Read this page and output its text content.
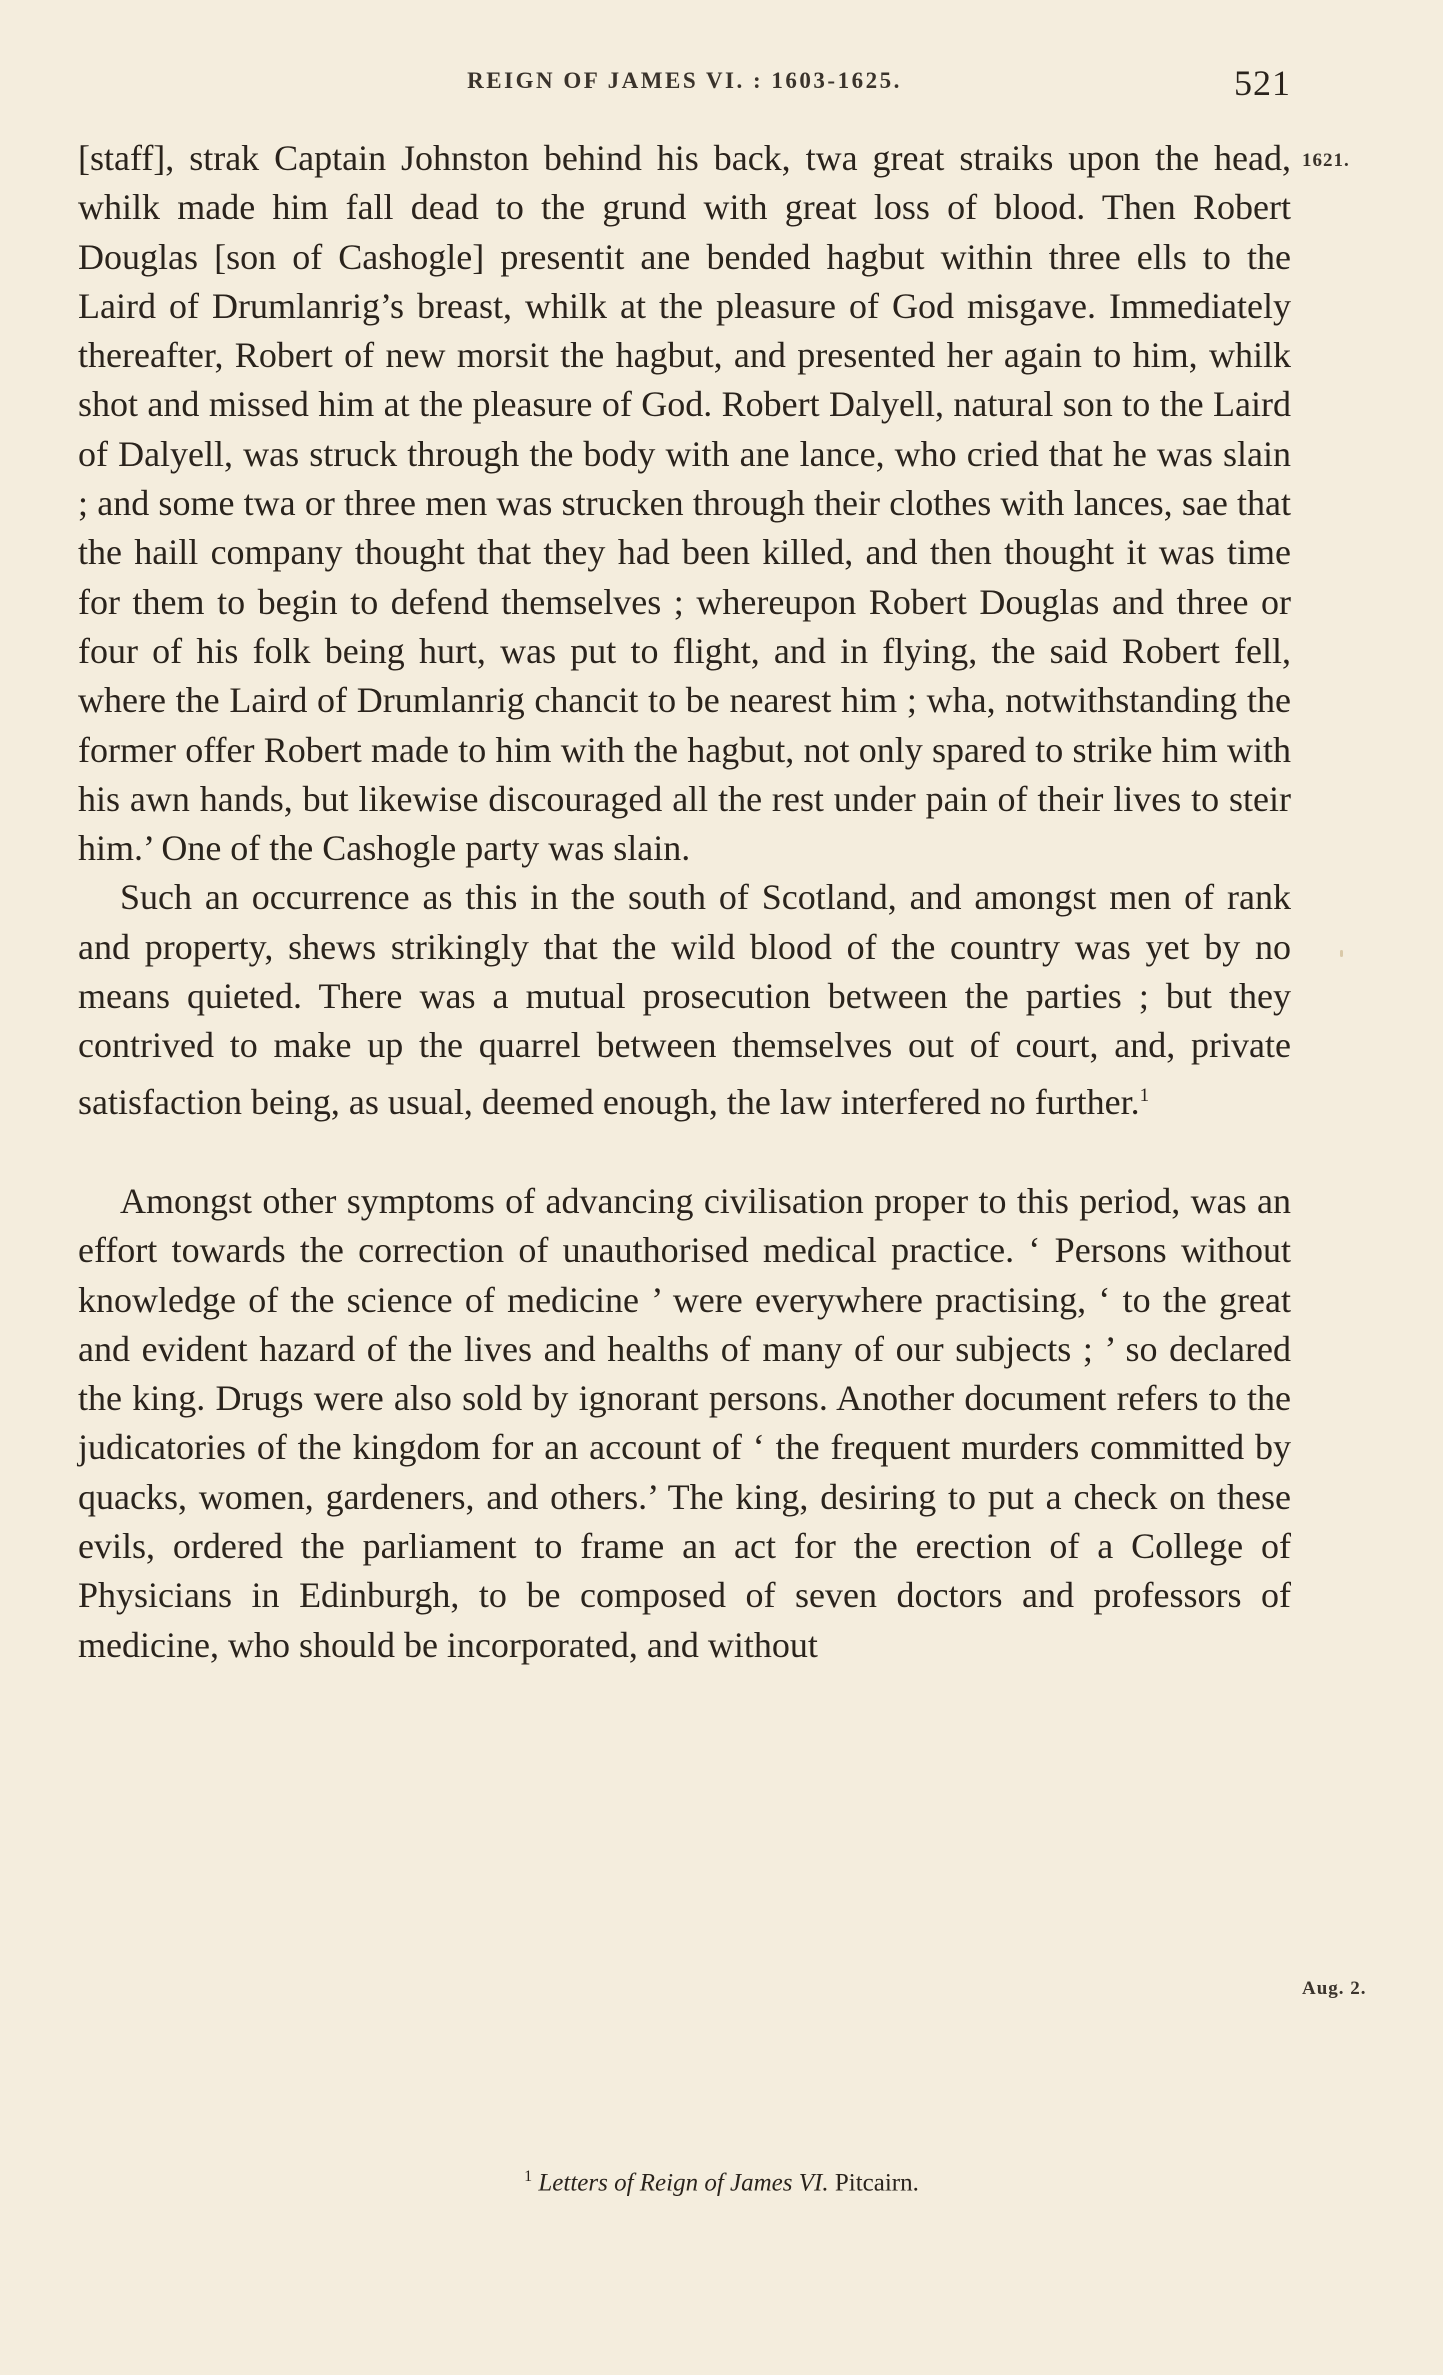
REIGN OF JAMES VI. : 1603-1625.	521
1621.
Aug. 2.

[staff], strak Captain Johnston behind his back, twa great straiks upon the head, whilk made him fall dead to the grund with great loss of blood. Then Robert Douglas [son of Cashogle] presentit ane bended hagbut within three ells to the Laird of Drumlanrig’s breast, whilk at the pleasure of God misgave. Immediately thereafter, Robert of new morsit the hagbut, and presented her again to him, whilk shot and missed him at the pleasure of God. Robert Dalyell, natural son to the Laird of Dalyell, was struck through the body with ane lance, who cried that he was slain ; and some twa or three men was strucken through their clothes with lances, sae that the haill company thought that they had been killed, and then thought it was time for them to begin to defend themselves ; whereupon Robert Douglas and three or four of his folk being hurt, was put to flight, and in flying, the said Robert fell, where the Laird of Drumlanrig chancit to be nearest him ; wha, notwithstanding the former offer Robert made to him with the hagbut, not only spared to strike him with his awn hands, but likewise discouraged all the rest under pain of their lives to steir him.’ One of the Cashogle party was slain.

Such an occurrence as this in the south of Scotland, and amongst men of rank and property, shews strikingly that the wild blood of the country was yet by no means quieted. There was a mutual prosecution between the parties ; but they contrived to make up the quarrel between themselves out of court, and, private satisfaction being, as usual, deemed enough, the law interfered no further.$^1$

Amongst other symptoms of advancing civilisation proper to this period, was an effort towards the correction of unauthorised medical practice. ‘ Persons without knowledge of the science of medicine ’ were everywhere practising, ‘ to the great and evident hazard of the lives and healths of many of our subjects ; ’ so declared the king. Drugs were also sold by ignorant persons. Another document refers to the judicatories of the kingdom for an account of ‘ the frequent murders committed by quacks, women, gardeners, and others.’ The king, desiring to put a check on these evils, ordered the parliament to frame an act for the erection of a College of Physicians in Edinburgh, to be composed of seven doctors and professors of medicine, who should be incorporated, and without

$^1$ Letters of Reign of James VI. Pitcairn.
